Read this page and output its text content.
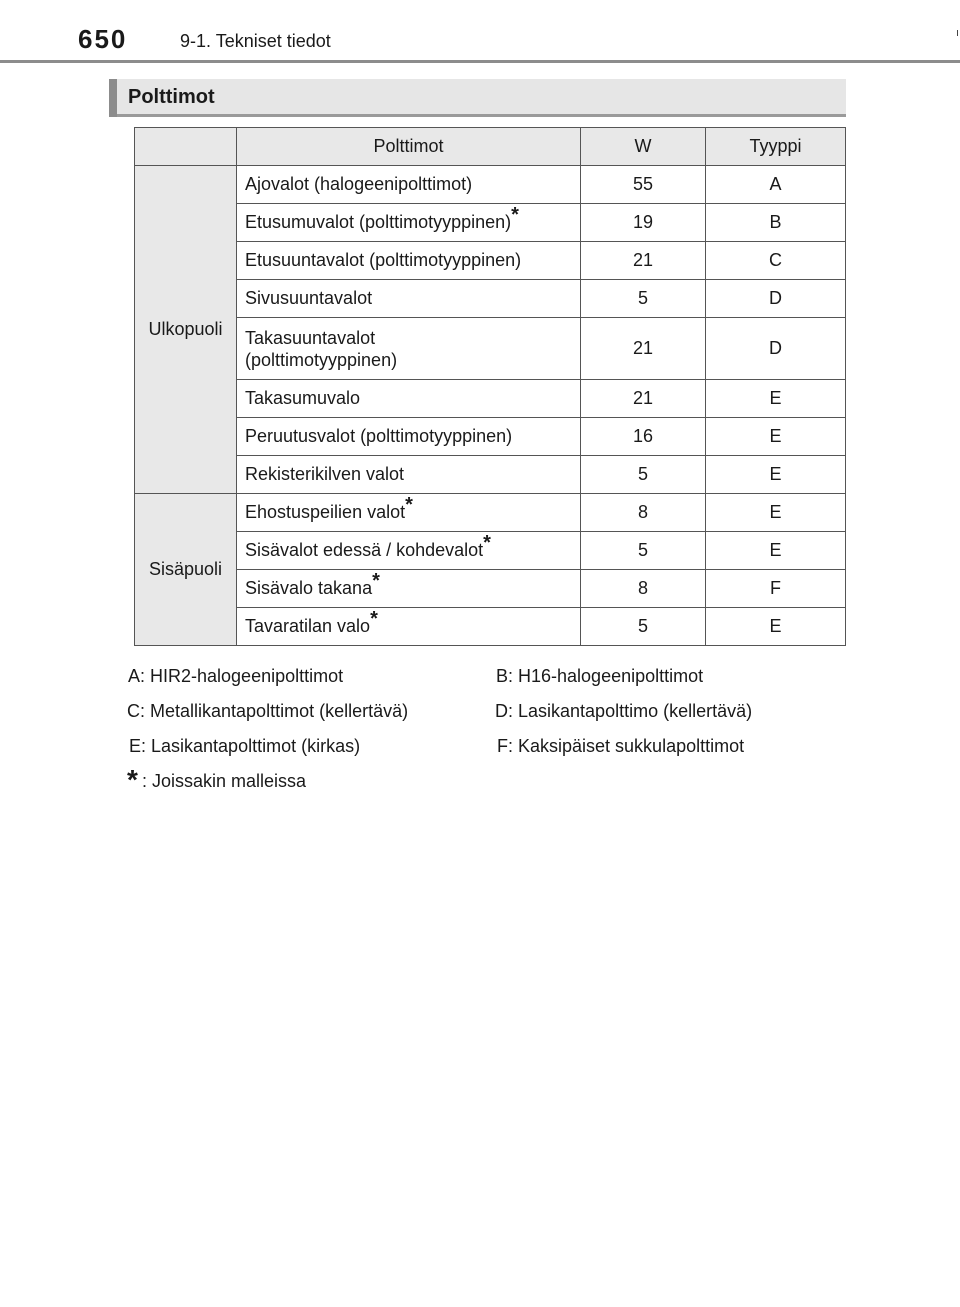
650	9-1. Tekniset tiedot
Polttimot
	Polttimot	W	Tyyppi
Ulkopuoli	Ajovalot (halogeenipolttimot)	55	A
	Etusumuvalot (polttimotyyppinen)*	19	B
	Etusuuntavalot (polttimotyyppinen)	21	C
	Sivusuuntavalot	5	D
	Takasuuntavalot
(polttimotyyppinen)	21	D
	Takasumuvalo	21	E
	Peruutusvalot (polttimotyyppinen)	16	E
	Rekisterikilven valot	5	E
Sisäpuoli	Ehostuspeilien valot*	8	E
	Sisävalot edessä / kohdevalot*	5	E
	Sisävalo takana*	8	F
	Tavaratilan valo*	5	E
A: HIR2-halogeenipolttimot	B: H16-halogeenipolttimot
C: Metallikantapolttimot (kellertävä)	D: Lasikantapolttimo (kellertävä)
E: Lasikantapolttimot (kirkas)	F: Kaksipäiset sukkulapolttimot
* : Joissakin malleissa
